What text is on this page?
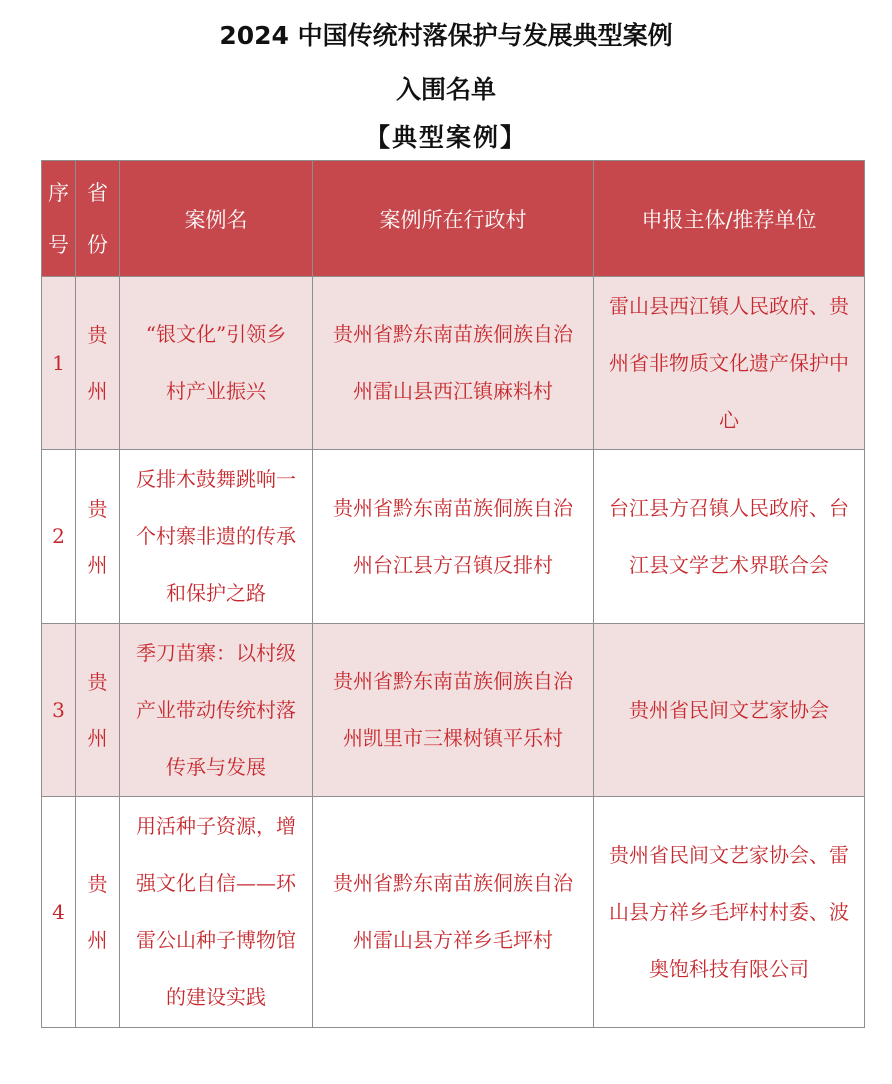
2024 中国传统村落保护与发展典型案例
入围名单
【典型案例】
序号	省份	案例名	案例所在行政村	申报主体/推荐单位
1	贵州	“银文化”引领乡村产业振兴	贵州省黔东南苗族侗族自治州雷山县西江镇麻料村	雷山县西江镇人民政府、贵州省非物质文化遗产保护中心
2	贵州	反排木鼓舞跳响一个村寨非遗的传承和保护之路	贵州省黔东南苗族侗族自治州台江县方召镇反排村	台江县方召镇人民政府、台江县文学艺术界联合会
3	贵州	季刀苗寨：以村级产业带动传统村落传承与发展	贵州省黔东南苗族侗族自治州凯里市三棵树镇平乐村	贵州省民间文艺家协会
4	贵州	用活种子资源，增强文化自信——环雷公山种子博物馆的建设实践	贵州省黔东南苗族侗族自治州雷山县方祥乡毛坪村	贵州省民间文艺家协会、雷山县方祥乡毛坪村村委、波奥饱科技有限公司
